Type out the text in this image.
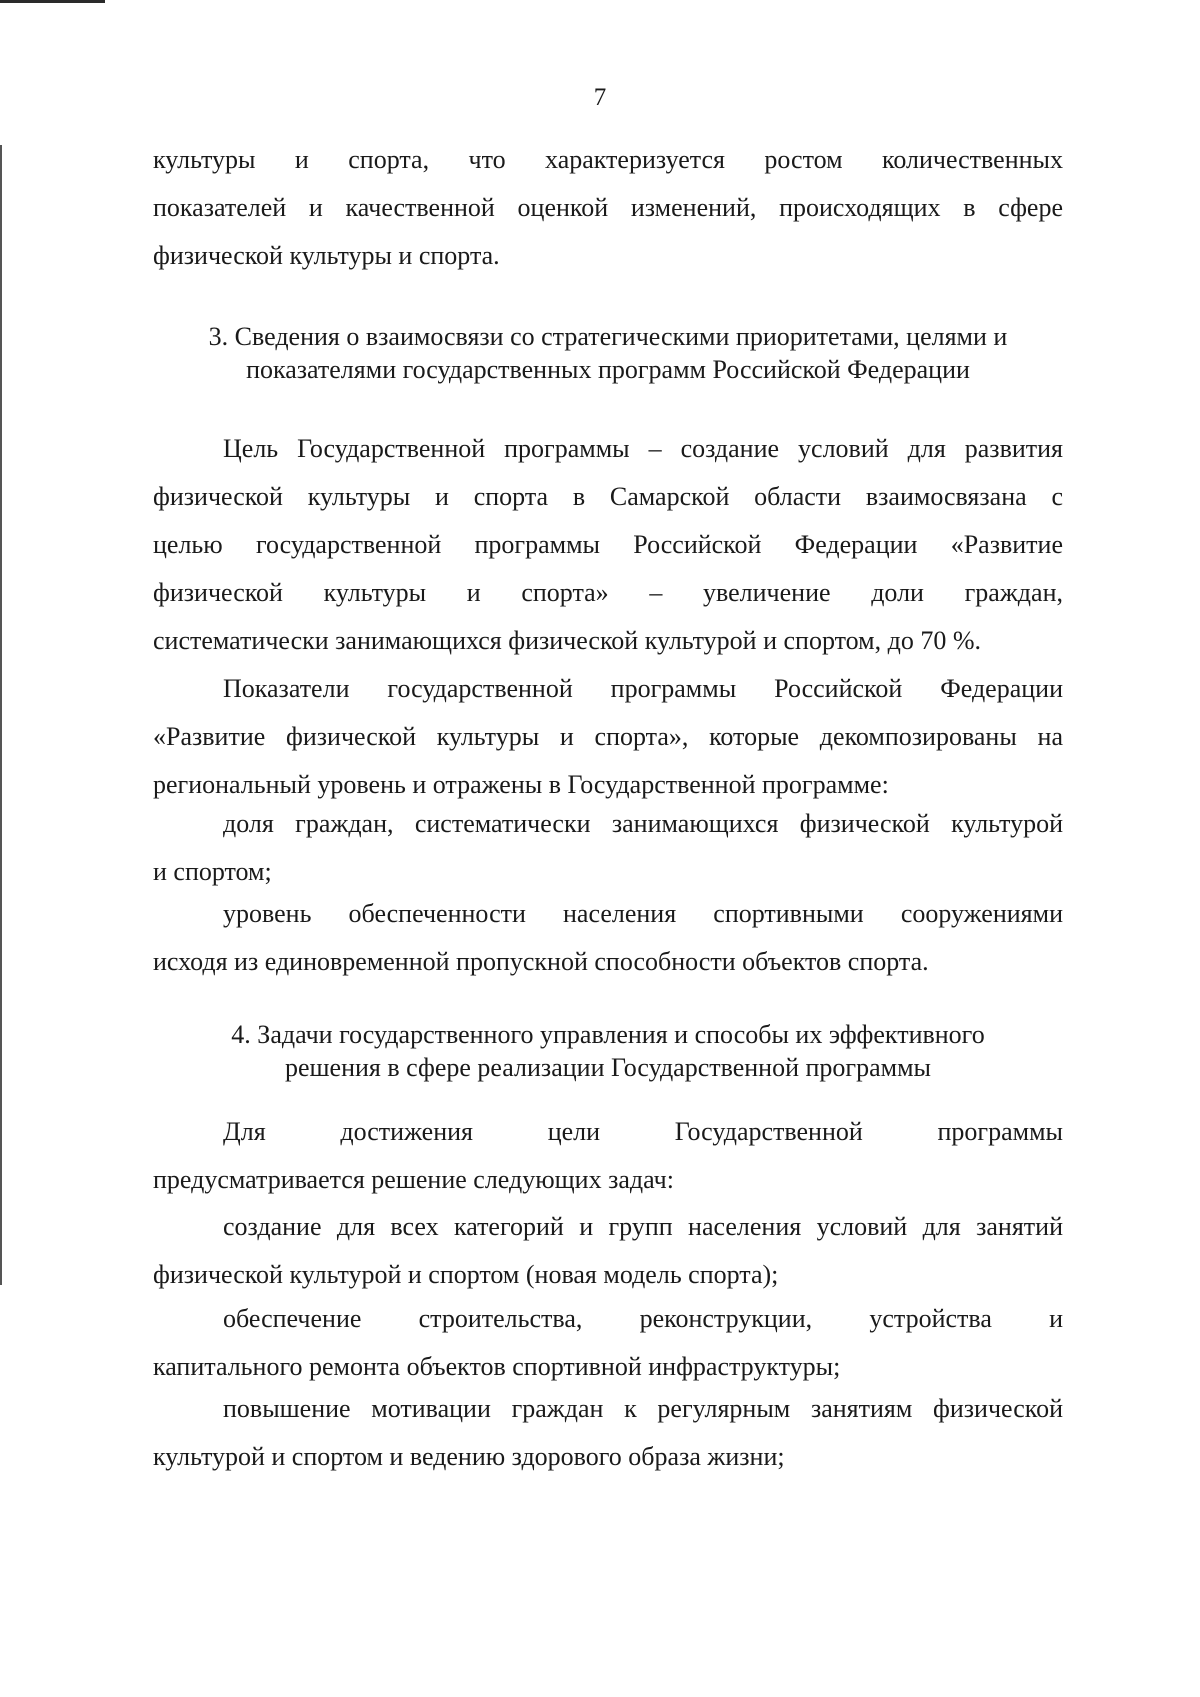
7
культуры и спорта, что характеризуется ростом количественных
показателей и качественной оценкой изменений, происходящих в сфере
физической культуры и спорта.
3. Сведения о взаимосвязи со стратегическими приоритетами, целями и
показателями государственных программ Российской Федерации
Цель Государственной программы – создание условий для развития
физической культуры и спорта в Самарской области взаимосвязана с
целью государственной программы Российской Федерации «Развитие
физической культуры и спорта» – увеличение доли граждан,
систематически занимающихся физической культурой и спортом, до 70 %.
Показатели государственной программы Российской Федерации
«Развитие физической культуры и спорта», которые декомпозированы на
региональный уровень и отражены в Государственной программе:
доля граждан, систематически занимающихся физической культурой
и спортом;
уровень обеспеченности населения спортивными сооружениями
исходя из единовременной пропускной способности объектов спорта.
4. Задачи государственного управления и способы их эффективного
решения в сфере реализации Государственной программы
Для достижения цели Государственной программы
предусматривается решение следующих задач:
создание для всех категорий и групп населения условий для занятий
физической культурой и спортом (новая модель спорта);
обеспечение строительства, реконструкции, устройства и
капитального ремонта объектов спортивной инфраструктуры;
повышение мотивации граждан к регулярным занятиям физической
культурой и спортом и ведению здорового образа жизни;
